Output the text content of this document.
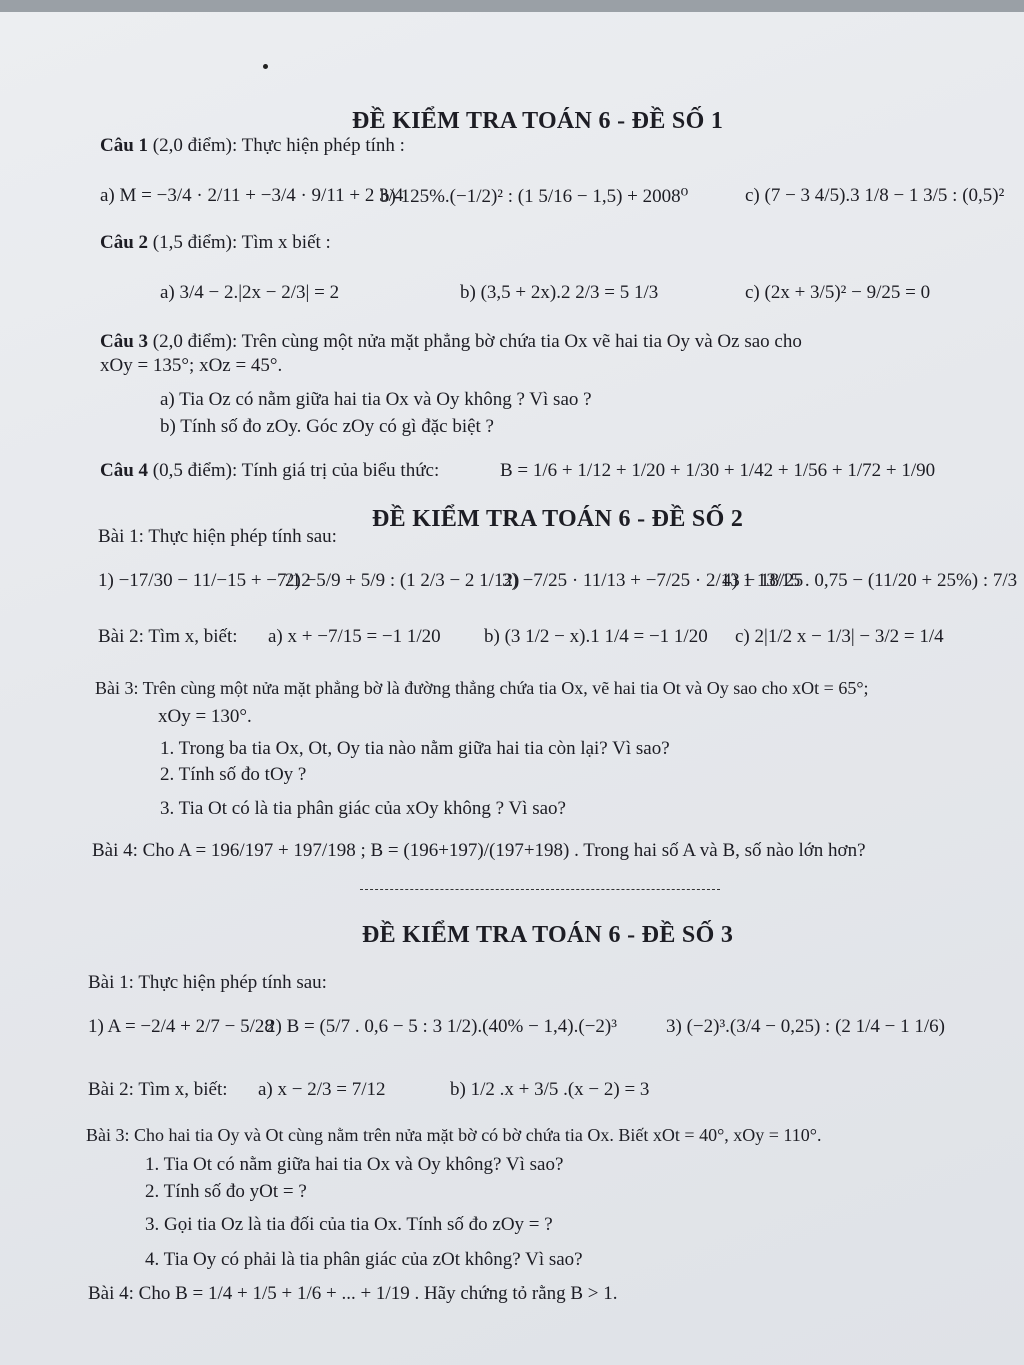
ĐỀ KIỂM TRA TOÁN 6 - ĐỀ SỐ 1
Câu 1 (2,0 điểm): Thực hiện phép tính :
a) M = −3/4 · 2/11 + −3/4 · 9/11 + 2 3/4
b) 125%.(−1/2)² : (1 5/16 − 1,5) + 2008⁰	c) (7 − 3 4/5).3 1/8 − 1 3/5 : (0,5)²
Câu 2 (1,5 điểm): Tìm x biết :
a) 3/4 − 2.|2x − 2/3| = 2	b) (3,5 + 2x).2 2/3 = 5 1/3	c) (2x + 3/5)² − 9/25 = 0
Câu 3 (2,0 điểm): Trên cùng một nửa mặt phẳng bờ chứa tia Ox vẽ hai tia Oy và Oz sao cho
xOy = 135°; xOz = 45°.
a) Tia Oz có nằm giữa hai tia Ox và Oy không ? Vì sao ?
b) Tính số đo zOy. Góc zOy có gì đặc biệt ?
Câu 4 (0,5 điểm): Tính giá trị của biểu thức:	B = 1/6 + 1/12 + 1/20 + 1/30 + 1/42 + 1/56 + 1/72 + 1/90
ĐỀ KIỂM TRA TOÁN 6 - ĐỀ SỐ 2
Bài 1: Thực hiện phép tính sau:
1) −17/30 − 11/−15 + −7/12
2) −5/9 + 5/9 : (1 2/3 − 2 1/12)
3) −7/25 · 11/13 + −7/25 · 2/13 − 18/25
4) 1 13/15 . 0,75 − (11/20 + 25%) : 7/3
Bài 2: Tìm x, biết: a) x + −7/15 = −1 1/20 b) (3 1/2 − x).1 1/4 = −1 1/20 c) 2|1/2 x − 1/3| − 3/2 = 1/4
Bài 3: Trên cùng một nửa mặt phẳng bờ là đường thẳng chứa tia Ox, vẽ hai tia Ot và Oy sao cho xOt = 65°;
xOy = 130°.
1. Trong ba tia Ox, Ot, Oy tia nào nằm giữa hai tia còn lại? Vì sao?
2. Tính số đo tOy ?
3. Tia Ot có là tia phân giác của xOy không ? Vì sao?
Bài 4: Cho A = 196/197 + 197/198 ; B = (196+197)/(197+198) . Trong hai số A và B, số nào lớn hơn?
ĐỀ KIỂM TRA TOÁN 6 - ĐỀ SỐ 3
Bài 1: Thực hiện phép tính sau:
1) A = −2/4 + 2/7 − 5/28
2) B = (5/7 . 0,6 − 5 : 3 1/2).(40% − 1,4).(−2)³	3) (−2)³.(3/4 − 0,25) : (2 1/4 − 1 1/6)
Bài 2: Tìm x, biết: a) x − 2/3 = 7/12	b) 1/2 .x + 3/5 .(x − 2) = 3
Bài 3: Cho hai tia Oy và Ot cùng nằm trên nửa mặt bờ có bờ chứa tia Ox. Biết xOt = 40°, xOy = 110°.
1. Tia Ot có nằm giữa hai tia Ox và Oy không? Vì sao?
2. Tính số đo yOt = ?
3. Gọi tia Oz là tia đối của tia Ox. Tính số đo zOy = ?
4. Tia Oy có phải là tia phân giác của zOt không? Vì sao?
Bài 4: Cho B = 1/4 + 1/5 + 1/6 + ... + 1/19 . Hãy chứng tỏ rằng B > 1.
